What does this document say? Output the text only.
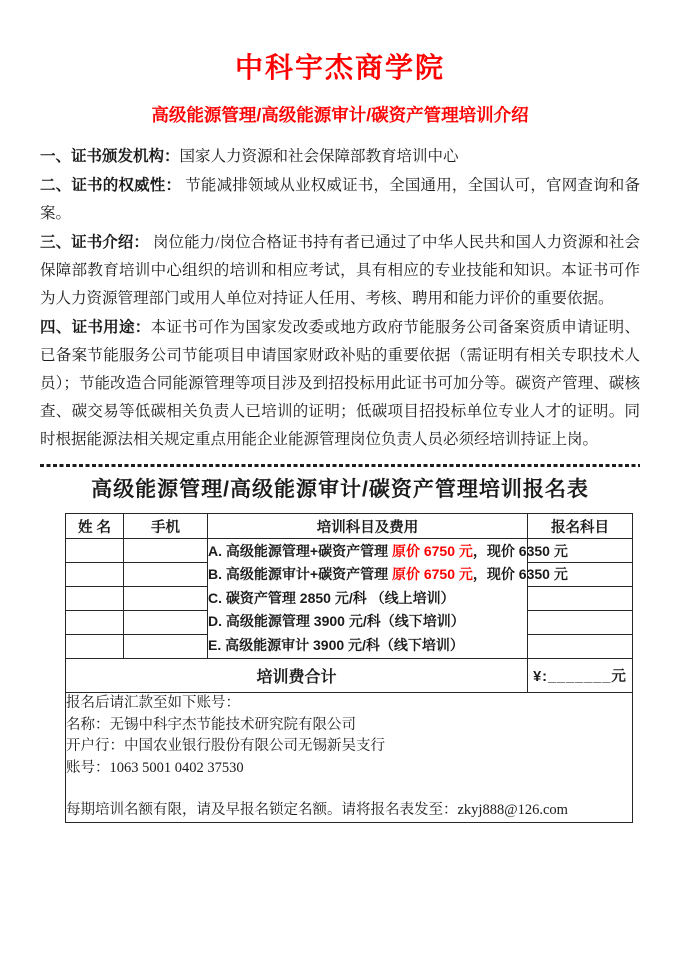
中科宇杰商学院
高级能源管理/高级能源审计/碳资产管理培训介绍

一、证书颁发机构：国家人力资源和社会保障部教育培训中心

二、证书的权威性： 节能减排领域从业权威证书，全国通用，全国认可，官网查询和备案。

三、证书介绍： 岗位能力/岗位合格证书持有者已通过了中华人民共和国人力资源和社会保障部教育培训中心组织的培训和相应考试，具有相应的专业技能和知识。本证书可作为人力资源管理部门或用人单位对持证人任用、考核、聘用和能力评价的重要依据。

四、证书用途：本证书可作为国家发改委或地方政府节能服务公司备案资质申请证明、已备案节能服务公司节能项目申请国家财政补贴的重要依据（需证明有相关专职技术人员）；节能改造合同能源管理等项目涉及到招投标用此证书可加分等。碳资产管理、碳核查、碳交易等低碳相关负责人已培训的证明；低碳项目招投标单位专业人才的证明。同时根据能源法相关规定重点用能企业能源管理岗位负责人员必须经培训持证上岗。

高级能源管理/高级能源审计/碳资产管理培训报名表
姓 名	手机	培训科目及费用	报名科目

		A. 高级能源管理+碳资产管理 原价 6750 元，现价 6350 元
B. 高级能源审计+碳资产管理 原价 6750 元，现价 6350 元
C. 碳资产管理 2850 元/科 （线上培训）
D. 高级能源管理 3900 元/科（线下培训）
E. 高级能源审计 3900 元/科（线下培训）	

培训费合计			¥:_______元

报名后请汇款至如下账号：
名称：无锡中科宇杰节能技术研究院有限公司
开户行：中国农业银行股份有限公司无锡新吴支行
账号：1063 5001 0402 37530
每期培训名额有限，请及早报名锁定名额。请将报名表发至：zkyj888@126.com			
